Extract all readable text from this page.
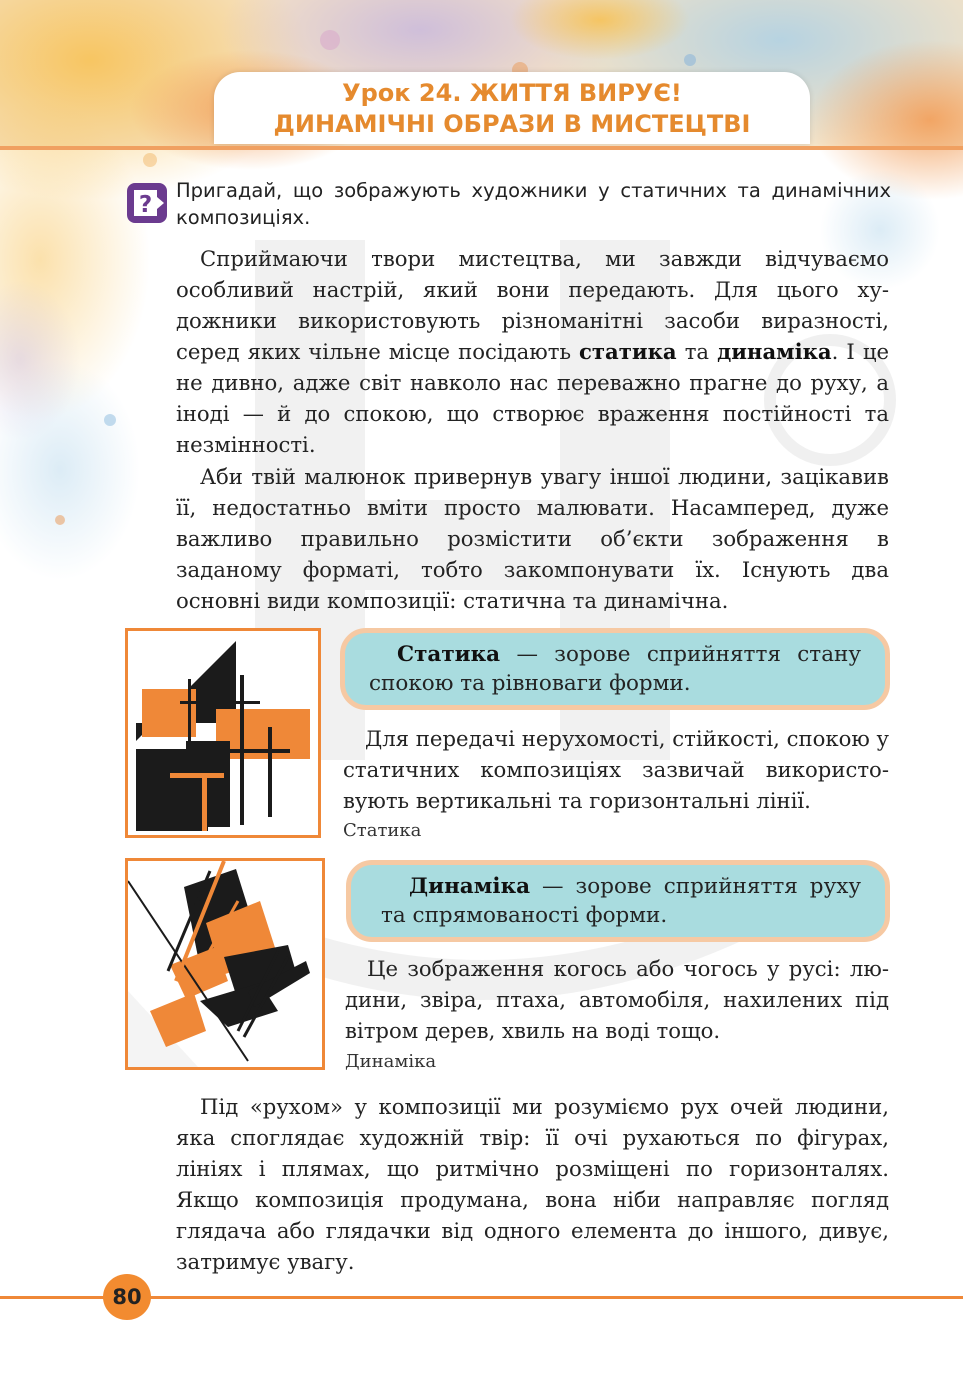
Урок 24. ЖИТТЯ ВИРУЄ!
ДИНАМІЧНІ ОБРАЗИ В МИСТЕЦТВІ
?

Пригадай, що зображують художники у статичних та динамічних композиціях.

Сприймаючи твори мистецтва, ми завжди відчуваємо особливий настрій, який вони передають. Для цього художники використовують різноманітні засоби виразності, серед яких чільне місце посідають статика та динаміка. І це не дивно, адже світ навколо нас переважно прагне до руху, а іноді — й до спокою, що створює враження постійності та незмінності.

Аби твій малюнок привернув увагу іншої людини, зацікавив її, недостатньо вміти просто малювати. Насамперед, дуже важливо правильно розмістити об’єкти зображення в заданому форматі, тобто закомпонувати їх. Існують два основні види композиції: статична та динамічна.

Статика — зорове сприйняття стану спокою та рівноваги форми.

Для передачі нерухомості, стійкості, спокою у статичних композиціях зазвичай використовують вертикальні та горизонтальні лінії.

Статика
Динаміка — зорове сприйняття руху та спрямованості форми.

Це зображення когось або чогось у русі: людини, звіра, птаха, автомобіля, нахилених під вітром дерев, хвиль на воді тощо.

Динаміка

Під «рухом» у композиції ми розуміємо рух очей людини, яка споглядає художній твір: її очі рухаються по фігурах, лініях і плямах, що ритмічно розміщені по горизонталях. Якщо композиція продумана, вона ніби направляє погляд глядача або глядачки від одного елемента до іншого, дивує, затримує увагу.

80
